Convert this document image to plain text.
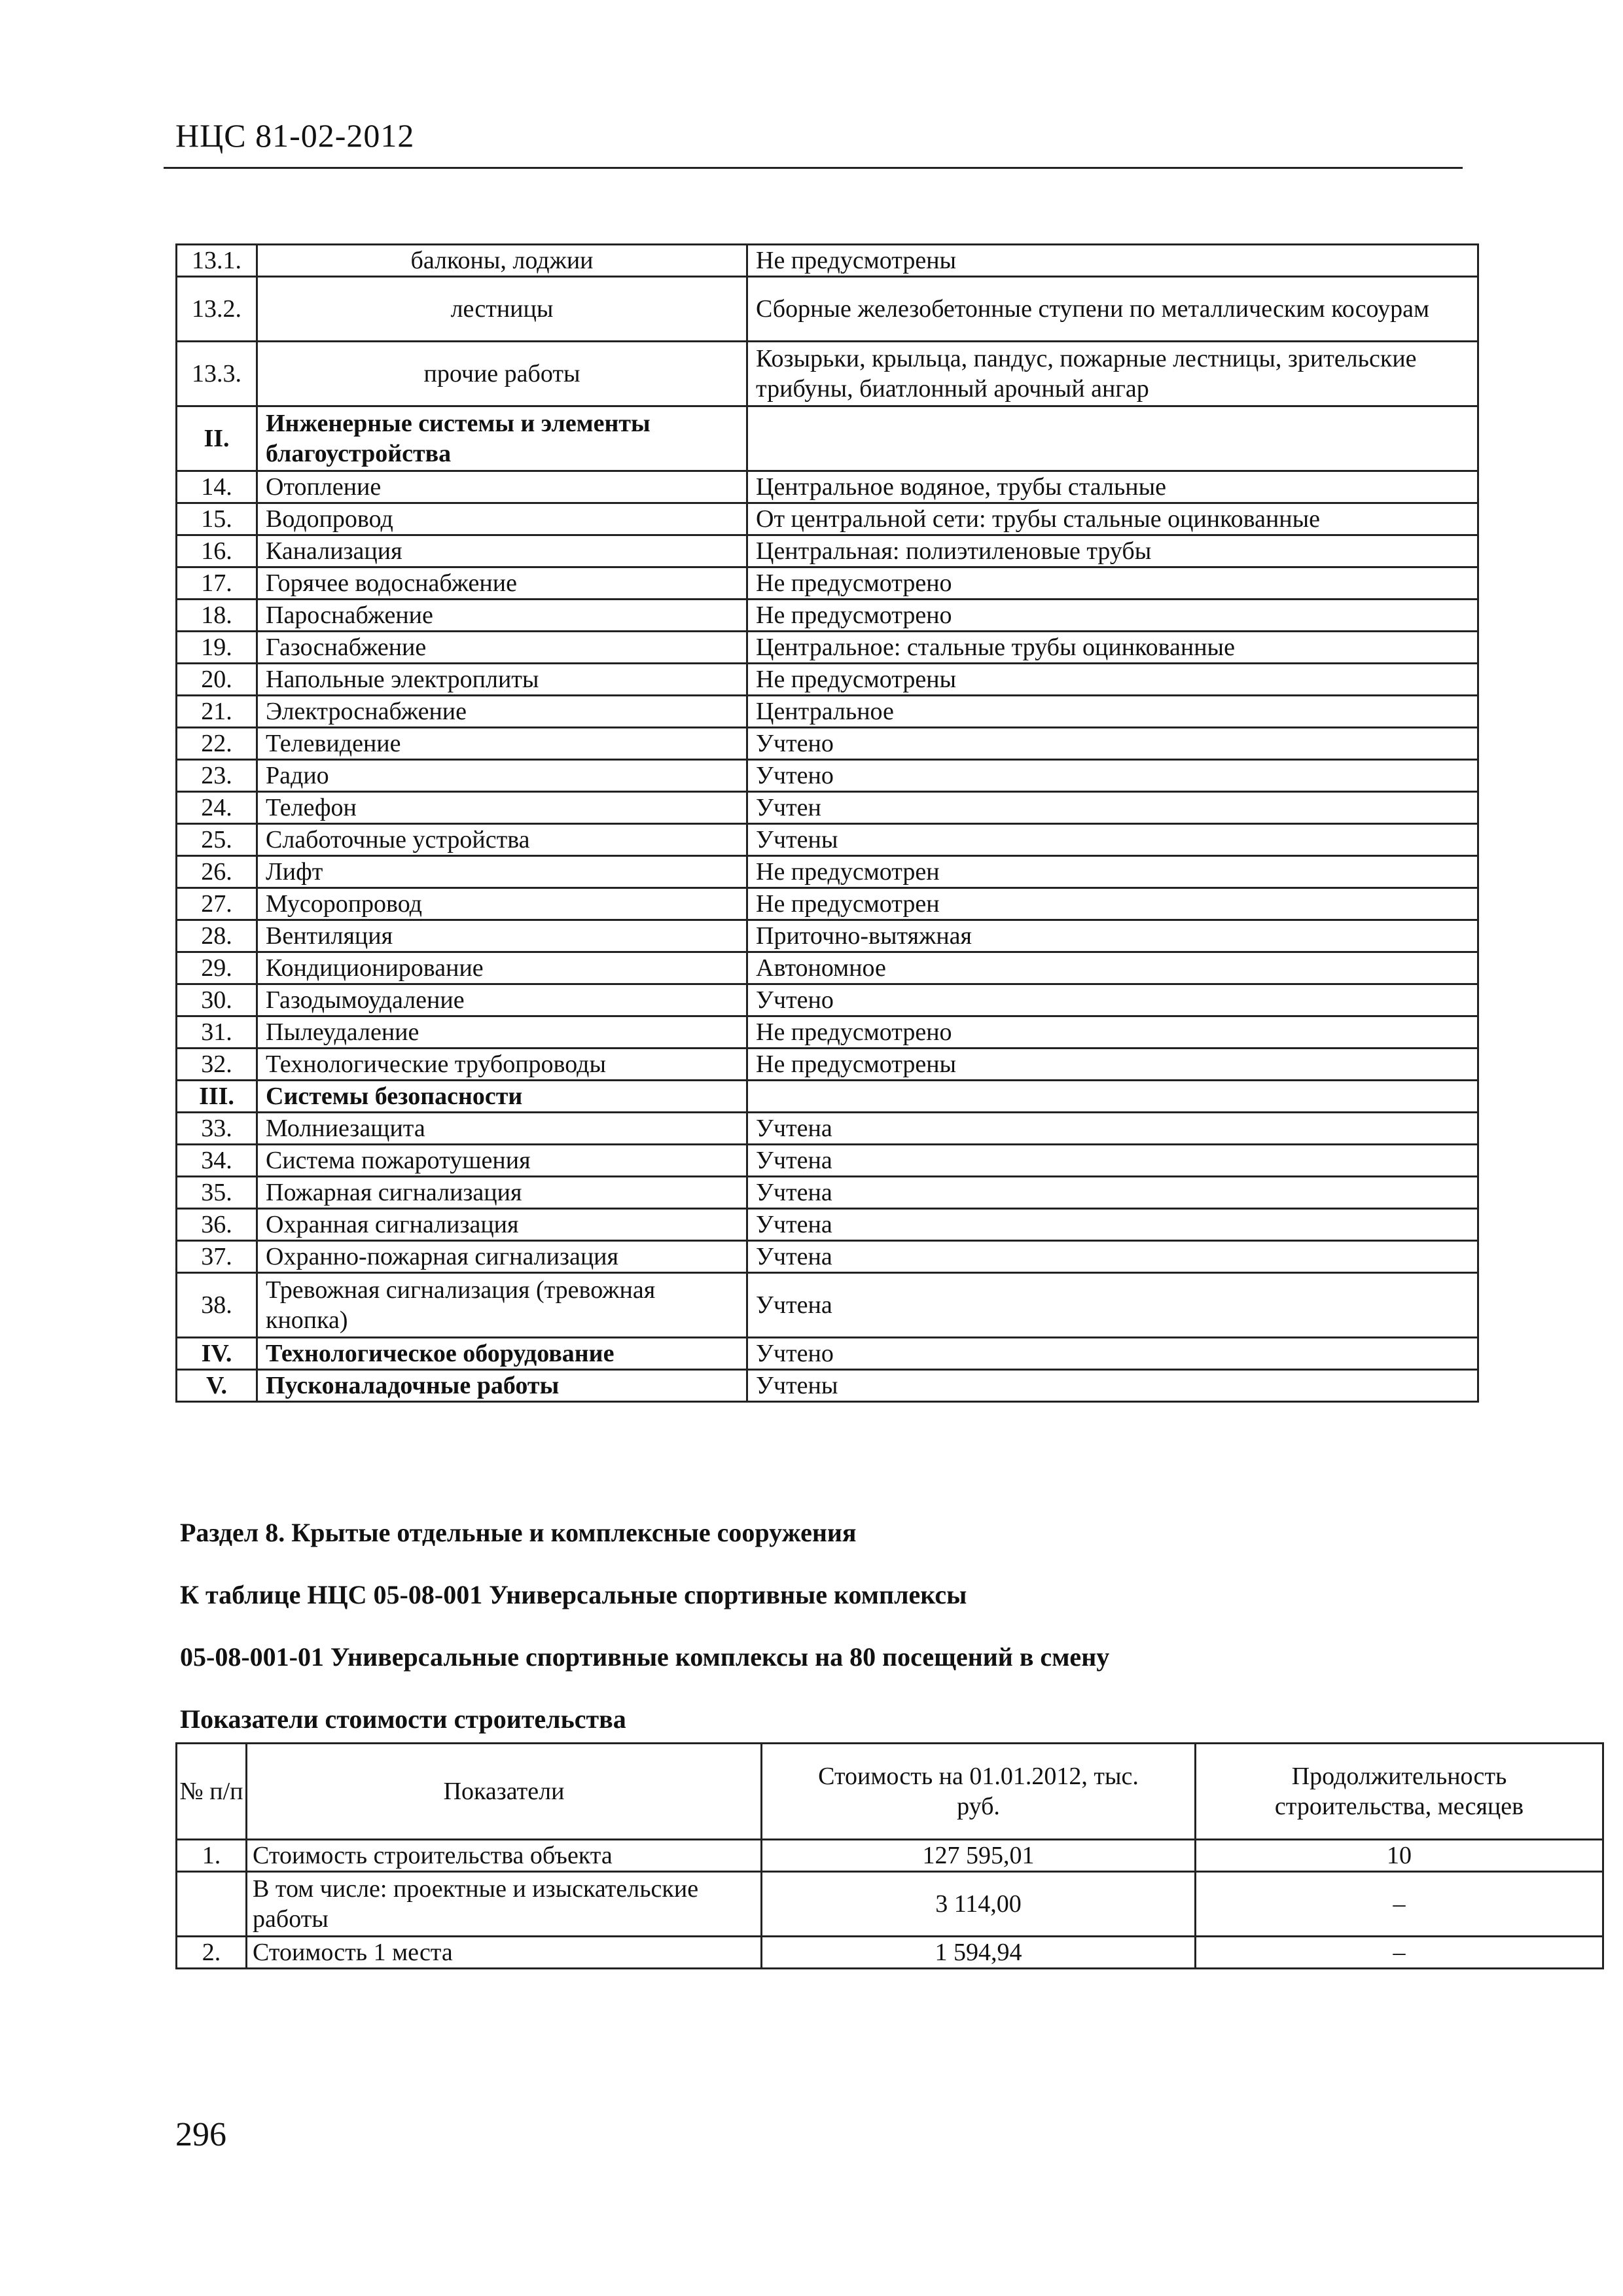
НЦС 81-02-2012
13.1.	балконы, лоджии	Не предусмотрены
13.2.	лестницы	Сборные железобетонные ступени по металлическим косоурам
13.3.	прочие работы	Козырьки, крыльца, пандус, пожарные лестницы, зрительские трибуны, биатлонный арочный ангар
II.	Инженерные системы и элементы благоустройства	
14.	Отопление	Центральное водяное, трубы стальные
15.	Водопровод	От центральной сети: трубы стальные оцинкованные
16.	Канализация	Центральная: полиэтиленовые трубы
17.	Горячее водоснабжение	Не предусмотрено
18.	Пароснабжение	Не предусмотрено
19.	Газоснабжение	Центральное: стальные трубы оцинкованные
20.	Напольные электроплиты	Не предусмотрены
21.	Электроснабжение	Центральное
22.	Телевидение	Учтено
23.	Радио	Учтено
24.	Телефон	Учтен
25.	Слаботочные устройства	Учтены
26.	Лифт	Не предусмотрен
27.	Мусоропровод	Не предусмотрен
28.	Вентиляция	Приточно-вытяжная
29.	Кондиционирование	Автономное
30.	Газодымоудаление	Учтено
31.	Пылеудаление	Не предусмотрено
32.	Технологические трубопроводы	Не предусмотрены
III.	Системы безопасности	
33.	Молниезащита	Учтена
34.	Система пожаротушения	Учтена
35.	Пожарная сигнализация	Учтена
36.	Охранная сигнализация	Учтена
37.	Охранно-пожарная сигнализация	Учтена
38.	Тревожная сигнализация (тревожная кнопка)	Учтена
IV.	Технологическое оборудование	Учтено
V.	Пусконаладочные работы	Учтены
Раздел 8. Крытые отдельные и комплексные сооружения
К таблице НЦС 05-08-001 Универсальные спортивные комплексы
05-08-001-01 Универсальные спортивные комплексы на 80 посещений в смену
Показатели стоимости строительства
№ п/п	Показатели	Стоимость на 01.01.2012, тыс. руб.	Продолжительность строительства, месяцев
1.	Стоимость строительства объекта	127 595,01	10
	В том числе: проектные и изыскательские работы	3 114,00	–
2.	Стоимость 1 места	1 594,94	–
296
